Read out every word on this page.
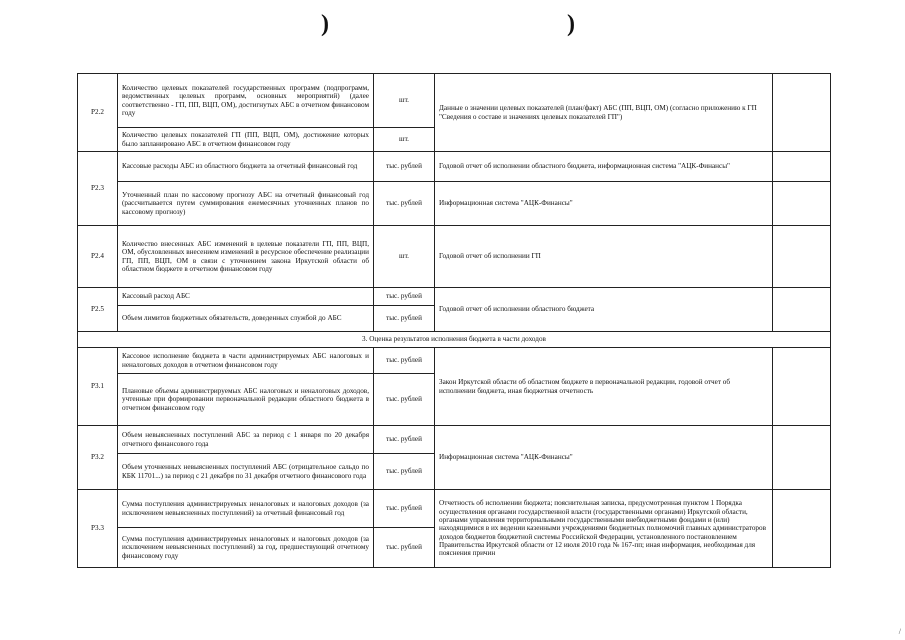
)	)
/
Р2.2	Количество целевых показателей государственных программ (подпрограмм, ведомственных целевых программ, основных мероприятий) (далее соответственно - ГП, ПП, ВЦП, ОМ), достигнутых АБС в отчетном финансовом году	шт.	Данные о значении целевых показателей (план/факт) АБС (ПП, ВЦП, ОМ) (согласно приложению к ГП "Сведения о составе и значениях целевых показателей ГП")	
	Количество целевых показателей ГП (ПП, ВЦП, ОМ), достижение которых было запланировано АБС в отчетном финансовом году	шт.		
Р2.3	Кассовые расходы АБС из областного бюджета за отчетный финансовый год	тыс. рублей	Годовой отчет об исполнении областного бюджета, информационная система "АЦК-Финансы"	
	Уточненный план по кассовому прогнозу АБС на отчетный финансовый год (рассчитывается путем суммирования ежемесячных уточненных планов по кассовому прогнозу)	тыс. рублей	Информационная система "АЦК-Финансы"	
Р2.4	Количество внесенных АБС изменений в целевые показатели ГП, ПП, ВЦП, ОМ, обусловленных внесением изменений в ресурсное обеспечение реализации ГП, ПП, ВЦП, ОМ в связи с уточнением закона Иркутской области об областном бюджете в отчетном финансовом году	шт.	Годовой отчет об исполнении ГП	
Р2.5	Кассовый расход АБС	тыс. рублей	Годовой отчет об исполнении областного бюджета	
	Объем лимитов бюджетных обязательств, доведенных службой до АБС	тыс. рублей		
3. Оценка результатов исполнения бюджета в части доходов				
Р3.1	Кассовое исполнение бюджета в части администрируемых АБС налоговых и неналоговых доходов в отчетном финансовом году	тыс. рублей	Закон Иркутской области об областном бюджете в первоначальной редакции, годовой отчет об исполнении бюджета, иная бюджетная отчетность	
	Плановые объемы администрируемых АБС налоговых и неналоговых доходов, учтенные при формировании первоначальной редакции областного бюджета в отчетном финансовом году	тыс. рублей		
Р3.2	Объем невыясненных поступлений АБС за период с 1 января по 20 декабря отчетного финансового года	тыс. рублей	Информационная система "АЦК-Финансы"	
	Объем уточненных невыясненных поступлений АБС (отрицательное сальдо по КБК 11701...) за период с 21 декабря по 31 декабря отчетного финансового года	тыс. рублей		
Р3.3	Сумма поступления администрируемых неналоговых и налоговых доходов (за исключением невыясненных поступлений) за отчетный финансовый год	тыс. рублей	Отчетность об исполнении бюджета; пояснительная записка, предусмотренная пунктом 1 Порядка осуществления органами государственной власти (государственными органами) Иркутской области, органами управления территориальными государственными внебюджетными фондами и (или) находящимися в их ведении казенными учреждениями бюджетных полномочий главных администраторов доходов бюджетов бюджетной системы Российской Федерации, установленного постановлением Правительства Иркутской области от 12 июля 2010 года № 167-пп; иная информация, необходимая для пояснения причин	
	Сумма поступления администрируемых неналоговых и налоговых доходов (за исключением невыясненных поступлений) за год, предшествующий отчетному финансовому году	тыс. рублей		
